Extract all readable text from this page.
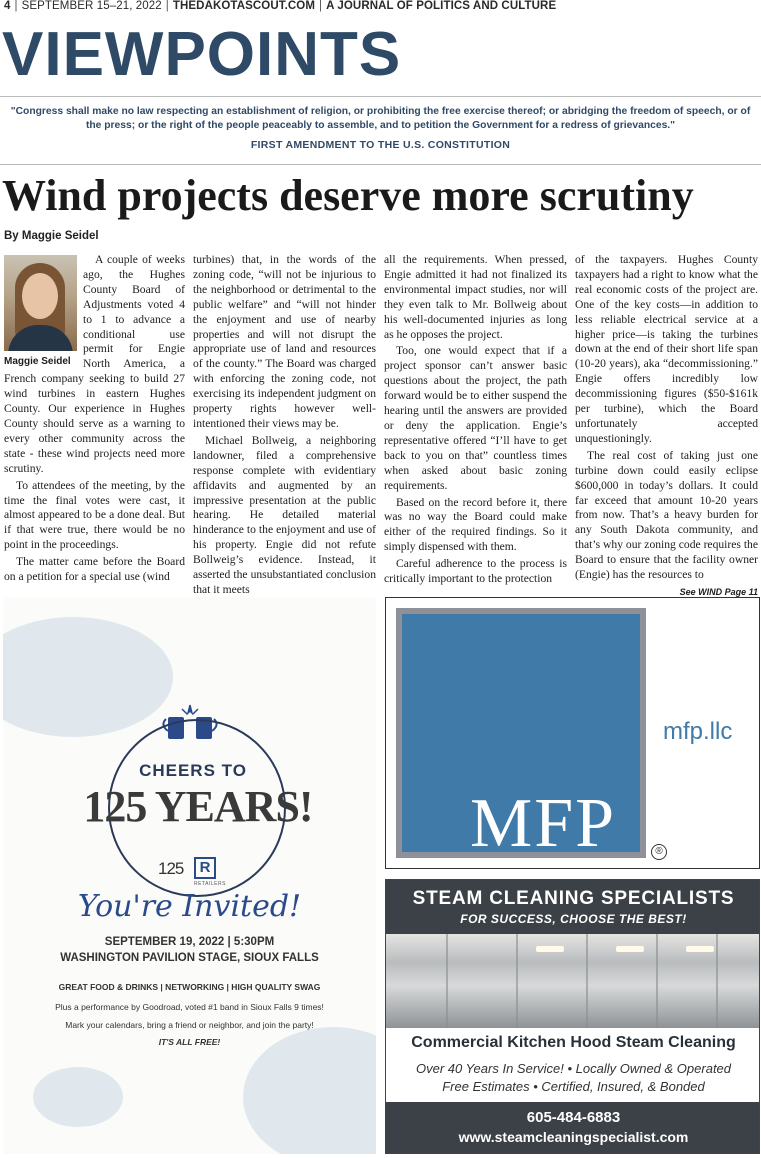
4 | SEPTEMBER 15–21, 2022 | THEDAKOTASCOUT.COM | A JOURNAL OF POLITICS AND CULTURE
VIEWPOINTS
"Congress shall make no law respecting an establishment of religion, or prohibiting the free exercise thereof; or abridging the freedom of speech, or of the press; or the right of the people peaceably to assemble, and to petition the Government for a redress of grievances."
FIRST AMENDMENT TO THE U.S. CONSTITUTION
Wind projects deserve more scrutiny
By Maggie Seidel
Maggie Seidel

A couple of weeks ago, the Hughes County Board of Adjustments voted 4 to 1 to advance a conditional use permit for Engie North America, a French company seeking to build 27 wind turbines in eastern Hughes County. Our experience in Hughes County should serve as a warning to every other community across the state - these wind projects need more scrutiny.

To attendees of the meeting, by the time the final votes were cast, it almost appeared to be a done deal. But if that were true, there would be no point in the proceedings.

The matter came before the Board on a petition for a special use (wind

turbines) that, in the words of the zoning code, “will not be injurious to the neighborhood or detrimental to the public welfare” and “will not hinder the enjoyment and use of nearby properties and will not disrupt the appropriate use of land and resources of the county.” The Board was charged with enforcing the zoning code, not exercising its independent judgment on property rights however well-intentioned their views may be.

Michael Bollweig, a neighboring landowner, filed a comprehensive response complete with evidentiary affidavits and augmented by an impressive presentation at the public hearing. He detailed material hinderance to the enjoyment and use of his property. Engie did not refute Bollweig’s evidence. Instead, it asserted the unsubstantiated conclusion that it meets

all the requirements. When pressed, Engie admitted it had not finalized its environmental impact studies, nor will they even talk to Mr. Bollweig about his well-documented injuries as long as he opposes the project.

Too, one would expect that if a project sponsor can’t answer basic questions about the project, the path forward would be to either suspend the hearing until the answers are provided or deny the application. Engie’s representative offered “I’ll have to get back to you on that” countless times when asked about basic zoning requirements.

Based on the record before it, there was no way the Board could make either of the required findings. So it simply dispensed with them.

Careful adherence to the process is critically important to the protection

of the taxpayers. Hughes County taxpayers had a right to know what the real economic costs of the project are. One of the key costs—in addition to less reliable electrical service at a higher price—is taking the turbines down at the end of their short life span (10-20 years), aka “decommissioning.” Engie offers incredibly low decommissioning figures ($50-$161k per turbine), which the Board unfortunately accepted unquestioningly.

The real cost of taking just one turbine down could easily eclipse $600,000 in today’s dollars. It could far exceed that amount 10-20 years from now. That’s a heavy burden for any South Dakota community, and that’s why our zoning code requires the Board to ensure that the facility owner (Engie) has the resources to

See WIND Page 11
CHEERS TO
125 YEARS!
125	R
RETAILERS
You're Invited!
SEPTEMBER 19, 2022 | 5:30PM
WASHINGTON PAVILION STAGE, SIOUX FALLS
GREAT FOOD & DRINKS | NETWORKING | HIGH QUALITY SWAG
Plus a performance by Goodroad, voted #1 band in Sioux Falls 9 times!
Mark your calendars, bring a friend or neighbor, and join the party!
IT'S ALL FREE!
MFP
mfp.llc
®
STEAM CLEANING SPECIALISTS
FOR SUCCESS, CHOOSE THE BEST!
Commercial Kitchen Hood Steam Cleaning
Over 40 Years In Service! • Locally Owned & Operated
Free Estimates • Certified, Insured, & Bonded
605-484-6883
www.steamcleaningspecialist.com
